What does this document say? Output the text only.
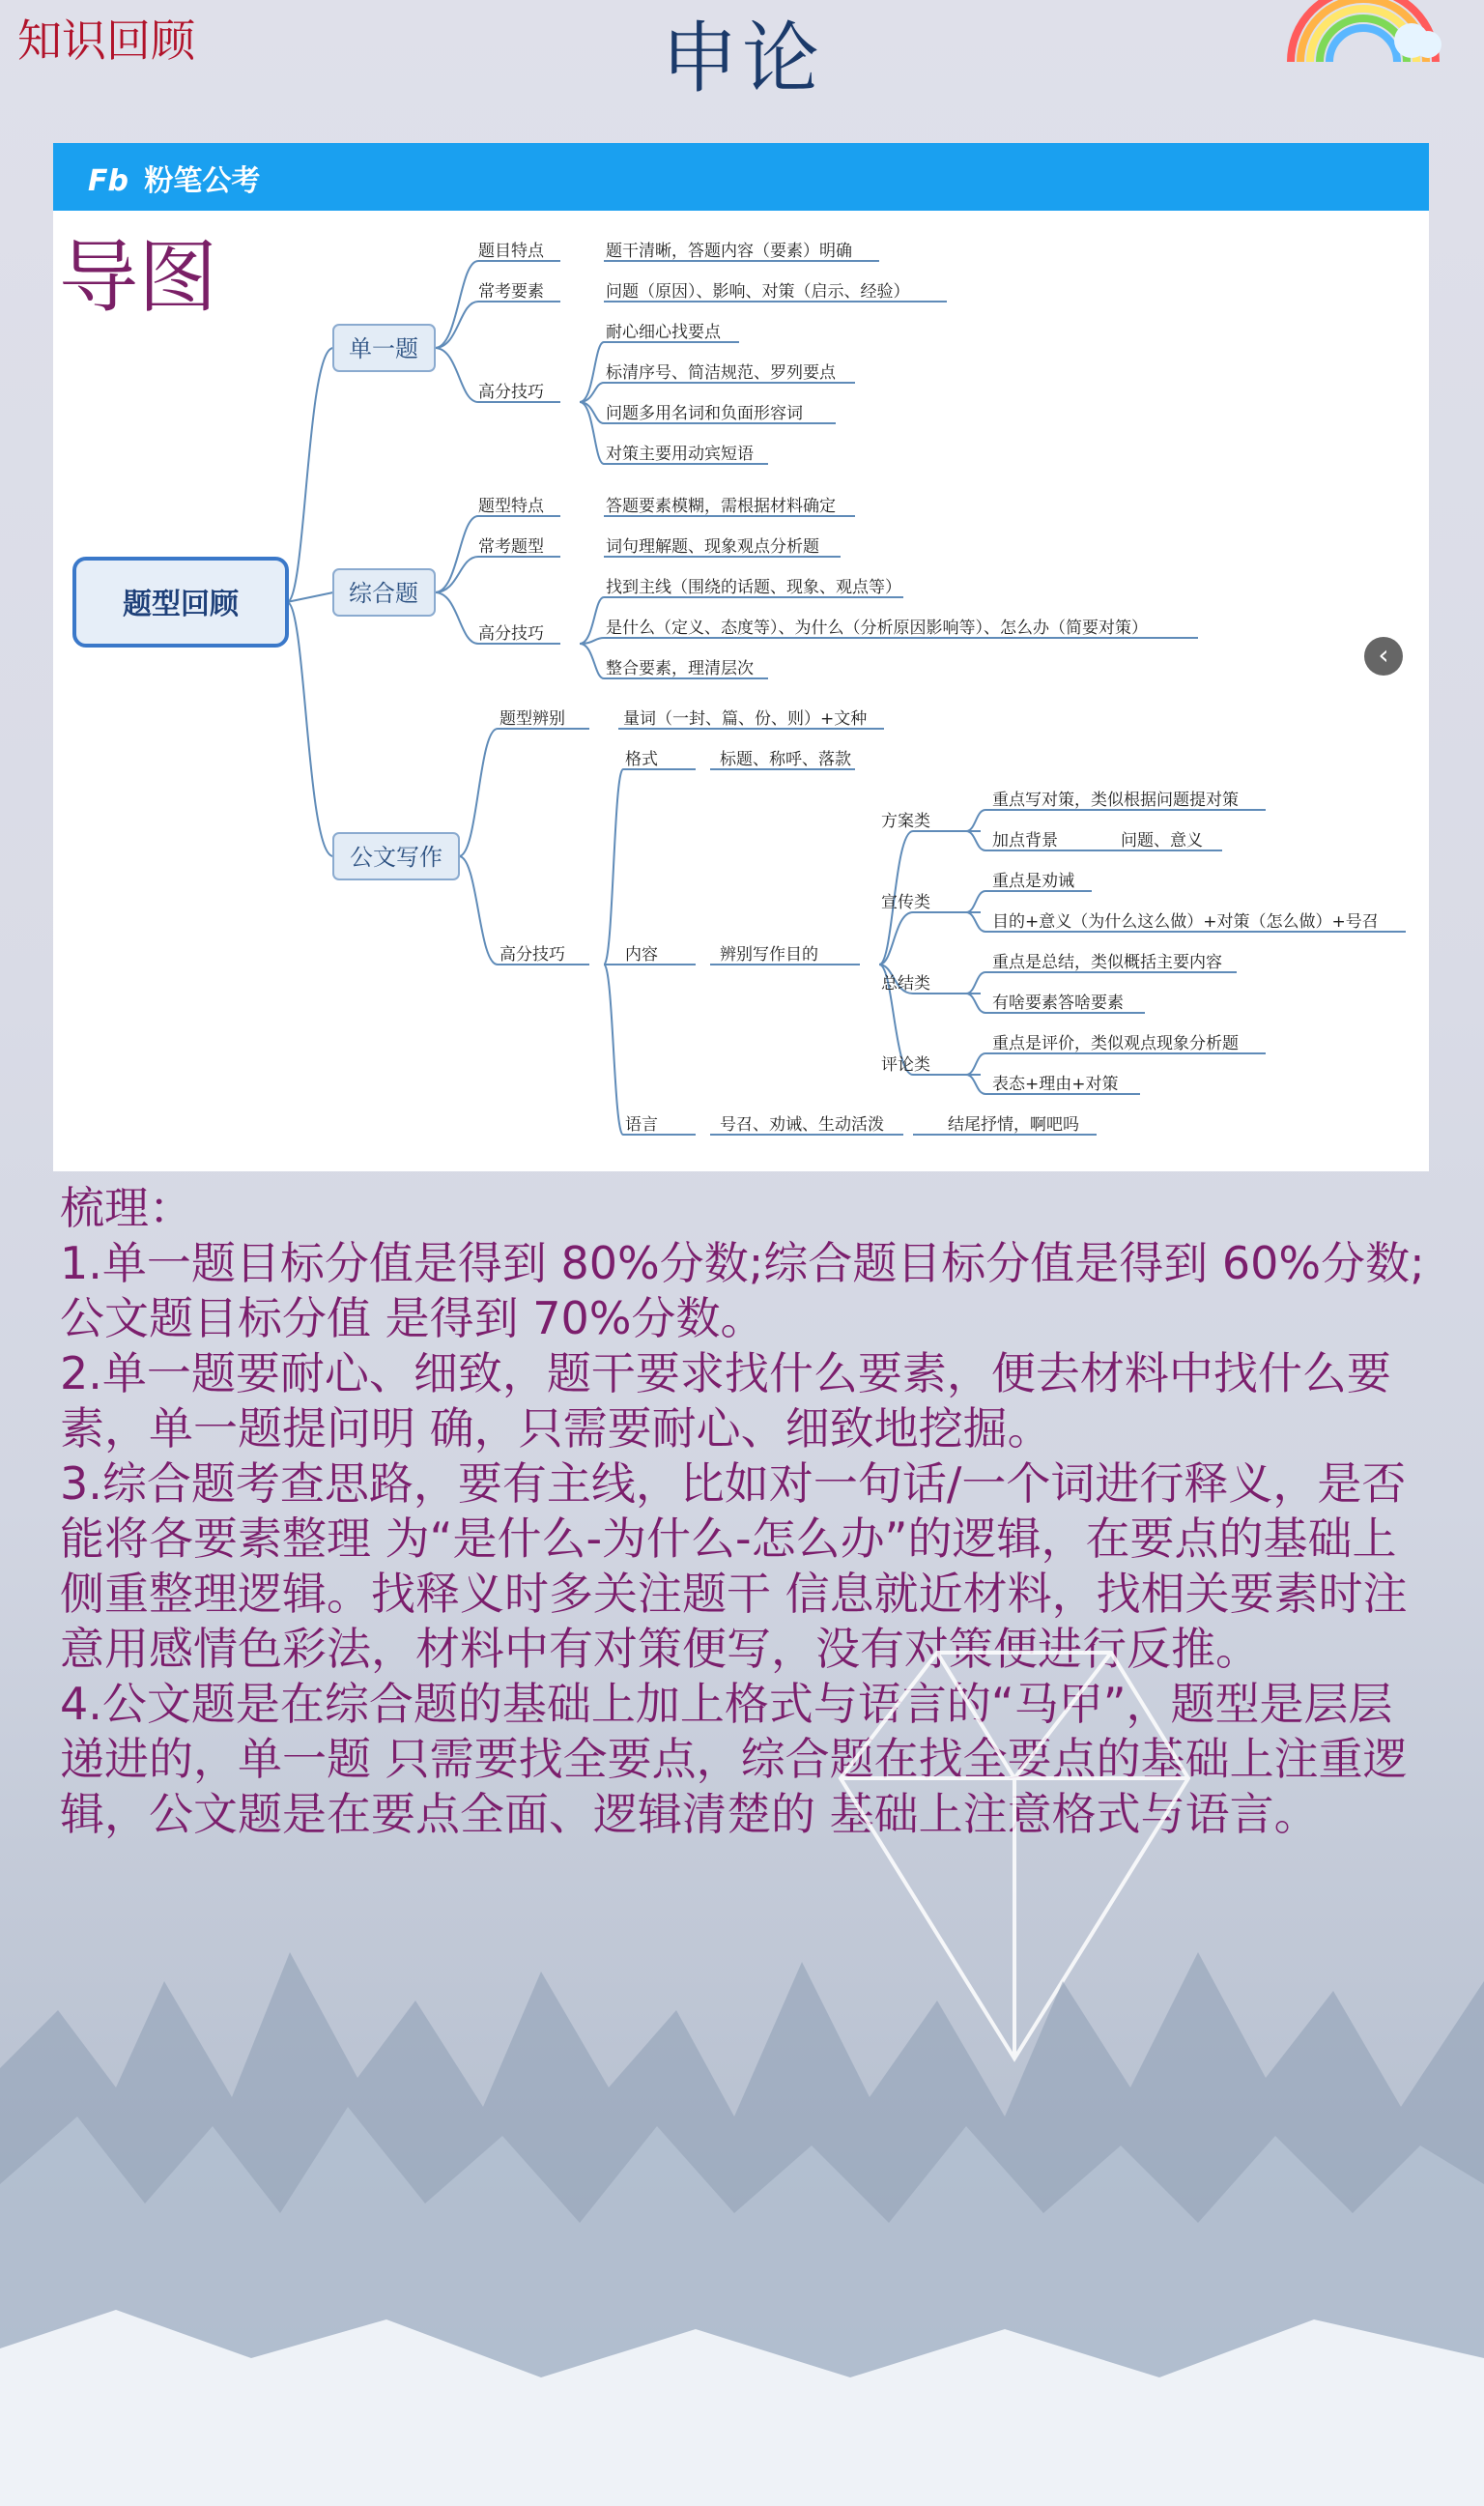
知识回顾	申论
Fb 粉笔公考
导图
题型回顾
单一题
综合题
公文写作
题目特点
常考要素
高分技巧
题干清晰，答题内容（要素）明确
问题（原因）、影响、对策（启示、经验）
耐心细心找要点
标清序号、简洁规范、罗列要点
问题多用名词和负面形容词
对策主要用动宾短语
题型特点
常考题型
高分技巧
答题要素模糊，需根据材料确定
词句理解题、现象观点分析题
找到主线（围绕的话题、现象、观点等）
是什么（定义、态度等）、为什么（分析原因影响等）、怎么办（简要对策）
整合要素，理清层次
题型辨别	量词（一封、篇、份、则）+文种
高分技巧
格式	标题、称呼、落款
内容	辨别写作目的
语言	号召、劝诫、生动活泼	结尾抒情，啊吧吗
方案类
重点写对策，类似根据问题提对策
加点背景	问题、意义
宣传类
重点是劝诫
目的+意义（为什么这么做）+对策（怎么做）+号召
总结类
重点是总结，类似概括主要内容
有啥要素答啥要素
评论类
重点是评价，类似观点现象分析题
表态+理由+对策
‹

梳理：

1.单一题目标分值是得到 80%分数;综合题目标分值是得到 60%分数;公文题目标分值 是得到 70%分数。

2.单一题要耐心、细致，题干要求找什么要素，便去材料中找什么要素，单一题提问明 确，只需要耐心、细致地挖掘。

3.综合题考查思路，要有主线，比如对一句话/一个词进行释义，是否能将各要素整理 为“是什么-为什么-怎么办”的逻辑，在要点的基础上侧重整理逻辑。找释义时多关注题干 信息就近材料，找相关要素时注意用感情色彩法，材料中有对策便写，没有对策便进行反推。

4.公文题是在综合题的基础上加上格式与语言的“马甲”，题型是层层递进的，单一题 只需要找全要点，综合题在找全要点的基础上注重逻辑，公文题是在要点全面、逻辑清楚的 基础上注意格式与语言。
